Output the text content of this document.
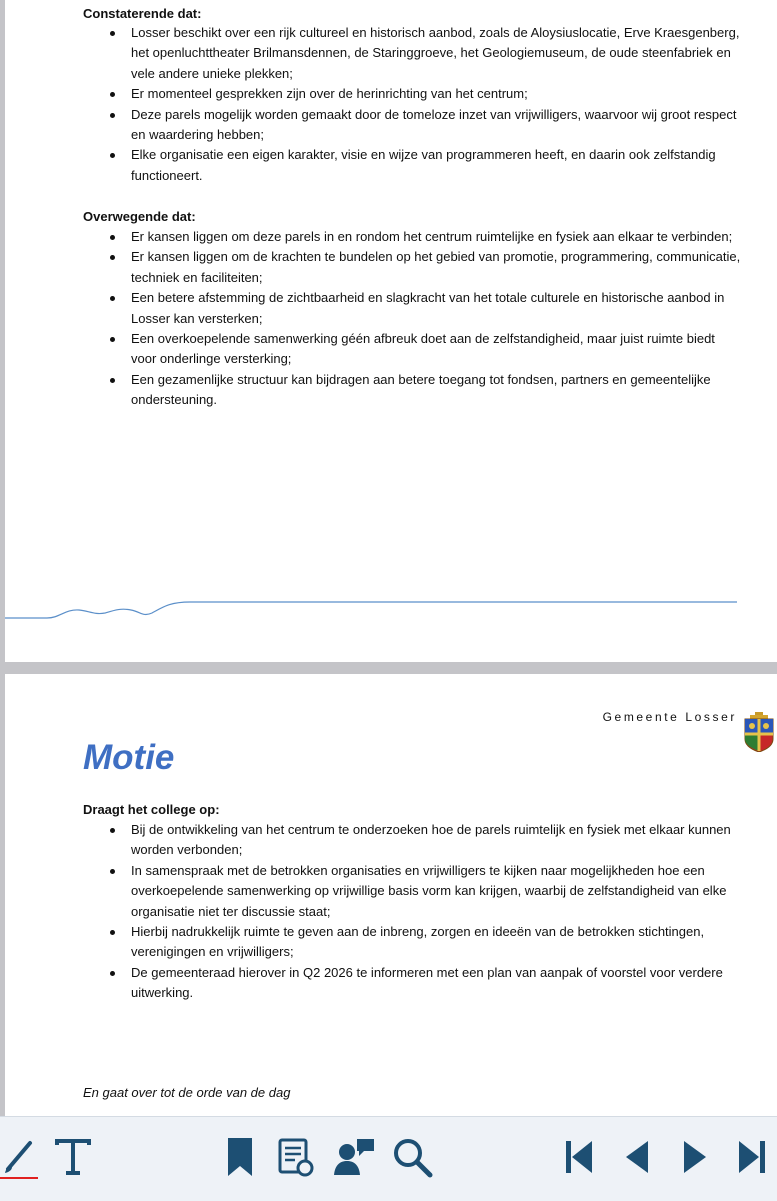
Constaterende dat:
Losser beschikt over een rijk cultureel en historisch aanbod, zoals de Aloysiuslocatie, Erve Kraesgenberg, het openluchttheater Brilmansdennen, de Staringgroeve, het Geologiemuseum, de oude steenfabriek en vele andere unieke plekken;
Er momenteel gesprekken zijn over de herinrichting van het centrum;
Deze parels mogelijk worden gemaakt door de tomeloze inzet van vrijwilligers, waarvoor wij groot respect en waardering hebben;
Elke organisatie een eigen karakter, visie en wijze van programmeren heeft, en daarin ook zelfstandig functioneert.
Overwegende dat:
Er kansen liggen om deze parels in en rondom het centrum ruimtelijke en fysiek aan elkaar te verbinden;
Er kansen liggen om de krachten te bundelen op het gebied van promotie, programmering, communicatie, techniek en faciliteiten;
Een betere afstemming de zichtbaarheid en slagkracht van het totale culturele en historische aanbod in Losser kan versterken;
Een overkoepelende samenwerking géén afbreuk doet aan de zelfstandigheid, maar juist ruimte biedt voor onderlinge versterking;
Een gezamenlijke structuur kan bijdragen aan betere toegang tot fondsen, partners en gemeentelijke ondersteuning.
Gemeente Losser
Motie
Draagt het college op:
Bij de ontwikkeling van het centrum te onderzoeken hoe de parels ruimtelijk en fysiek met elkaar kunnen worden verbonden;
In samenspraak met de betrokken organisaties en vrijwilligers te kijken naar mogelijkheden hoe een overkoepelende samenwerking op vrijwillige basis vorm kan krijgen, waarbij de zelfstandigheid van elke organisatie niet ter discussie staat;
Hierbij nadrukkelijk ruimte te geven aan de inbreng, zorgen en ideeën van de betrokken stichtingen, verenigingen en vrijwilligers;
De gemeenteraad hierover in Q2 2026 te informeren met een plan van aanpak of voorstel voor verdere uitwerking.
En gaat over tot de orde van de dag
